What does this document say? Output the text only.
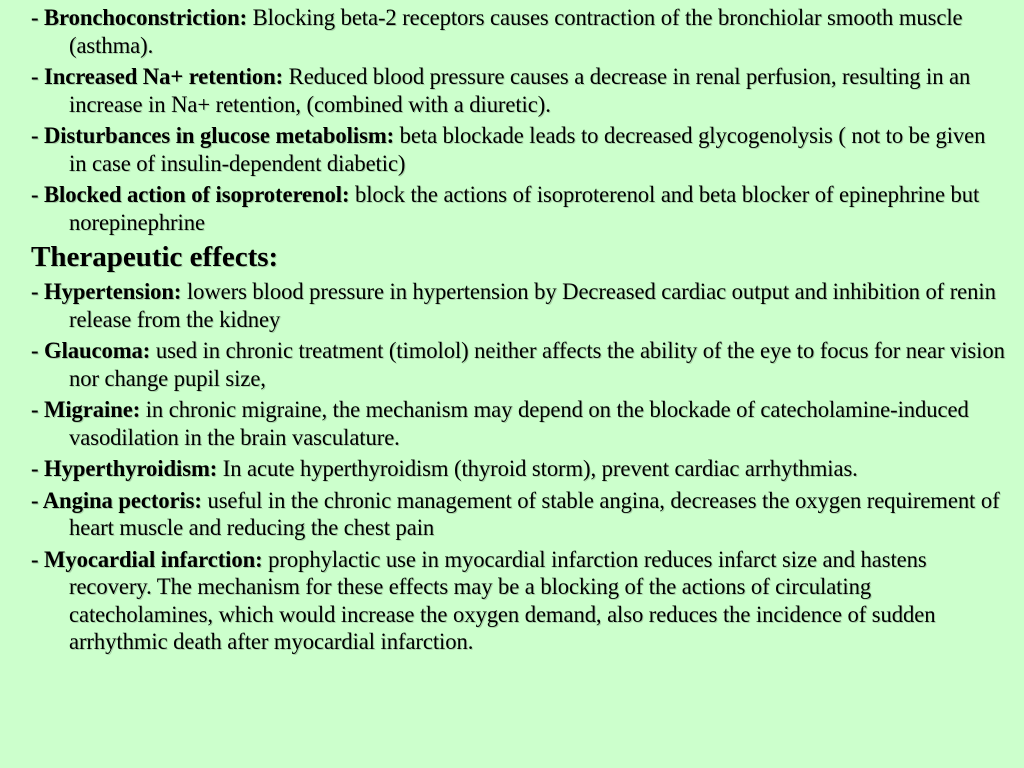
- Bronchoconstriction: Blocking beta-2 receptors causes contraction of the bronchiolar smooth muscle (asthma).
- Increased Na+ retention: Reduced blood pressure causes a decrease in renal perfusion, resulting in an increase in Na+ retention, (combined with a diuretic).
- Disturbances in glucose metabolism: beta blockade leads to decreased glycogenolysis ( not to be given in case of insulin-dependent diabetic)
- Blocked action of isoproterenol: block the actions of isoproterenol and beta blocker of epinephrine but norepinephrine
Therapeutic effects:
- Hypertension: lowers blood pressure in hypertension by Decreased cardiac output and inhibition of renin release from the kidney
- Glaucoma: used in chronic treatment (timolol) neither affects the ability of the eye to focus for near vision nor change pupil size,
- Migraine: in chronic migraine, the mechanism may depend on the blockade of catecholamine-induced vasodilation in the brain vasculature.
- Hyperthyroidism: In acute hyperthyroidism (thyroid storm), prevent cardiac arrhythmias.
- Angina pectoris: useful in the chronic management of stable angina, decreases the oxygen requirement of heart muscle and reducing the chest pain
- Myocardial infarction: prophylactic use in myocardial infarction reduces infarct size and hastens recovery. The mechanism for these effects may be a blocking of the actions of circulating catecholamines, which would increase the oxygen demand, also reduces the incidence of sudden arrhythmic death after myocardial infarction.
